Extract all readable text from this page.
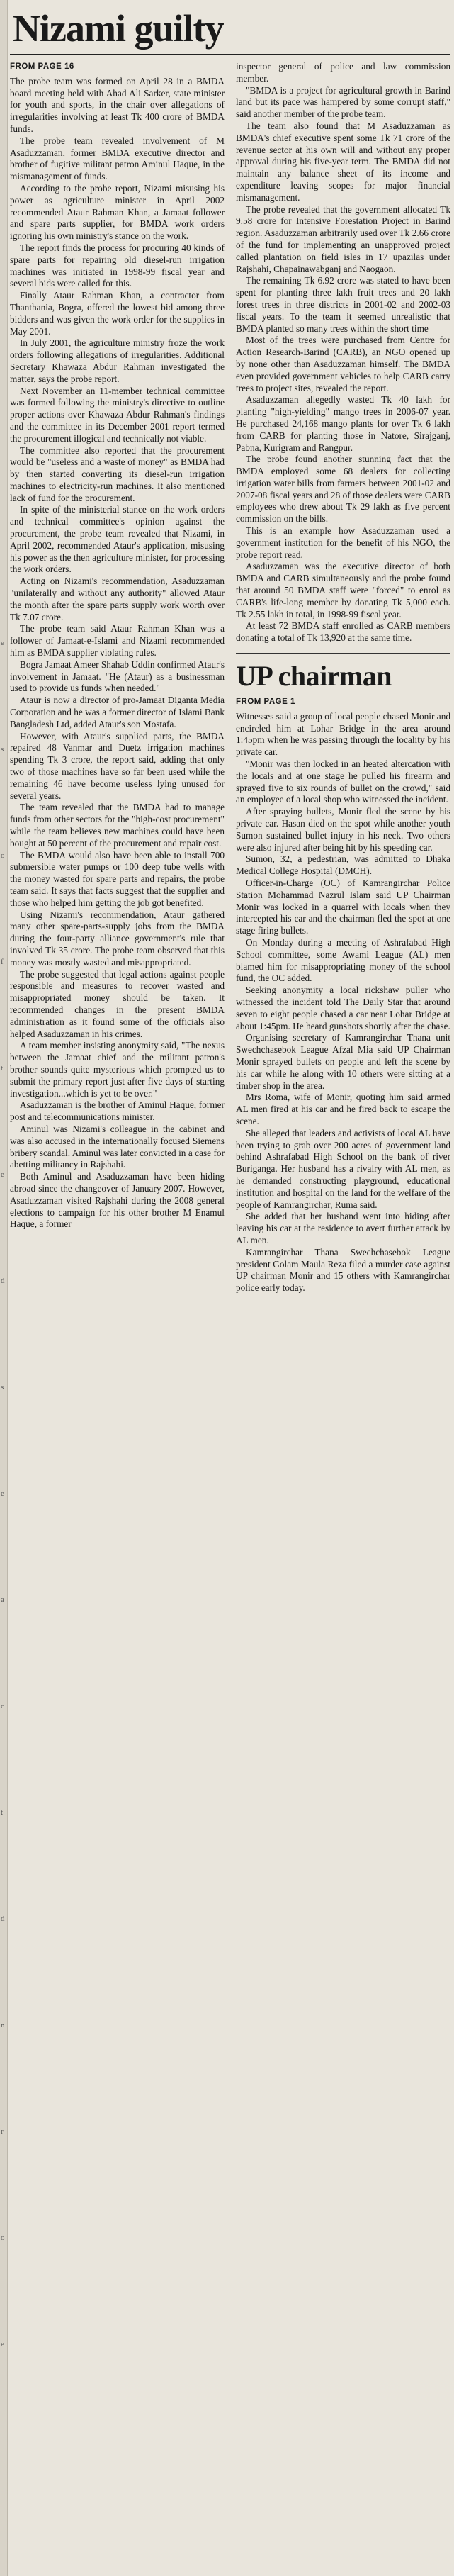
e
s
o
f
t
e
d
s
e
a
c
t
d
n
r
o
e
Nizami guilty
FROM PAGE 16

The probe team was formed on April 28 in a BMDA board meeting held with Ahad Ali Sarker, state minister for youth and sports, in the chair over allegations of irregularities involving at least Tk 400 crore of BMDA funds.

The probe team revealed involvement of M Asaduzzaman, former BMDA executive director and brother of fugitive militant patron Aminul Haque, in the mismanagement of funds.

According to the probe report, Nizami misusing his power as agriculture minister in April 2002 recommended Ataur Rahman Khan, a Jamaat follower and spare parts supplier, for BMDA work orders ignoring his own ministry's stance on the work.

The report finds the process for procuring 40 kinds of spare parts for repairing old diesel-run irrigation machines was initiated in 1998-99 fiscal year and several bids were called for this.

Finally Ataur Rahman Khan, a contractor from Thanthania, Bogra, offered the lowest bid among three bidders and was given the work order for the supplies in May 2001.

In July 2001, the agriculture ministry froze the work orders following allegations of irregularities. Additional Secretary Khawaza Abdur Rahman investigated the matter, says the probe report.

Next November an 11-member technical committee was formed following the ministry's directive to outline proper actions over Khawaza Abdur Rahman's findings and the committee in its December 2001 report termed the procurement illogical and technically not viable.

The committee also reported that the procurement would be "useless and a waste of money" as BMDA had by then started converting its diesel-run irrigation machines to electricity-run machines. It also mentioned lack of fund for the procurement.

In spite of the ministerial stance on the work orders and technical committee's opinion against the procurement, the probe team revealed that Nizami, in April 2002, recommended Ataur's application, misusing his power as the then agriculture minister, for processing the work orders.

Acting on Nizami's recommendation, Asaduzzaman "unilaterally and without any authority" allowed Ataur the month after the spare parts supply work worth over Tk 7.07 crore.

The probe team said Ataur Rahman Khan was a follower of Jamaat-e-Islami and Nizami recommended him as BMDA supplier violating rules.

Bogra Jamaat Ameer Shahab Uddin confirmed Ataur's involvement in Jamaat. "He (Ataur) as a businessman used to provide us funds when needed."

Ataur is now a director of pro-Jamaat Diganta Media Corporation and he was a former director of Islami Bank Bangladesh Ltd, added Ataur's son Mostafa.

However, with Ataur's supplied parts, the BMDA repaired 48 Vanmar and Duetz irrigation machines spending Tk 3 crore, the report said, adding that only two of those machines have so far been used while the remaining 46 have become useless lying unused for several years.

The team revealed that the BMDA had to manage funds from other sectors for the "high-cost procurement" while the team believes new machines could have been bought at 50 percent of the procurement and repair cost.

The BMDA would also have been able to install 700 submersible water pumps or 100 deep tube wells with the money wasted for spare parts and repairs, the probe team said. It says that facts suggest that the supplier and those who helped him getting the job got benefited.

Using Nizami's recommendation, Ataur gathered many other spare-parts-supply jobs from the BMDA during the four-party alliance government's rule that involved Tk 35 crore. The probe team observed that this money was mostly wasted and misappropriated.

The probe suggested that legal actions against people responsible and measures to recover wasted and misappropriated money should be taken. It recommended changes in the present BMDA administration as it found some of the officials also helped Asaduzzaman in his crimes.

A team member insisting anonymity said, "The nexus between the Jamaat chief and the militant patron's brother sounds quite mysterious which prompted us to submit the primary report just after five days of starting investigation...which is yet to be over."

Asaduzzaman is the brother of Aminul Haque, former post and telecommunications minister.

Aminul was Nizami's colleague in the cabinet and was also accused in the internationally focused Siemens bribery scandal. Aminul was later convicted in a case for abetting militancy in Rajshahi.

Both Aminul and Asaduzzaman have been hiding abroad since the changeover of January 2007. However, Asaduzzaman visited Rajshahi during the 2008 general elections to campaign for his other brother M Enamul Haque, a former

inspector general of police and law commission member.

"BMDA is a project for agricultural growth in Barind land but its pace was hampered by some corrupt staff," said another member of the probe team.

The team also found that M Asaduzzaman as BMDA's chief executive spent some Tk 71 crore of the revenue sector at his own will and without any proper approval during his five-year term. The BMDA did not maintain any balance sheet of its income and expenditure leaving scopes for major financial mismanagement.

The probe revealed that the government allocated Tk 9.58 crore for Intensive Forestation Project in Barind region. Asaduzzaman arbitrarily used over Tk 2.66 crore of the fund for implementing an unapproved project called plantation on field isles in 17 upazilas under Rajshahi, Chapainawabganj and Naogaon.

The remaining Tk 6.92 crore was stated to have been spent for planting three lakh fruit trees and 20 lakh forest trees in three districts in 2001-02 and 2002-03 fiscal years. To the team it seemed unrealistic that BMDA planted so many trees within the short time

Most of the trees were purchased from Centre for Action Research-Barind (CARB), an NGO opened up by none other than Asaduzzaman himself. The BMDA even provided government vehicles to help CARB carry trees to project sites, revealed the report.

Asaduzzaman allegedly wasted Tk 40 lakh for planting "high-yielding" mango trees in 2006-07 year. He purchased 24,168 mango plants for over Tk 6 lakh from CARB for planting those in Natore, Sirajganj, Pabna, Kurigram and Rangpur.

The probe found another stunning fact that the BMDA employed some 68 dealers for collecting irrigation water bills from farmers between 2001-02 and 2007-08 fiscal years and 28 of those dealers were CARB employees who drew about Tk 29 lakh as five percent commission on the bills.

This is an example how Asaduzzaman used a government institution for the benefit of his NGO, the probe report read.

Asaduzzaman was the executive director of both BMDA and CARB simultaneously and the probe found that around 50 BMDA staff were "forced" to enrol as CARB's life-long member by donating Tk 5,000 each. Tk 2.55 lakh in total, in 1998-99 fiscal year.

At least 72 BMDA staff enrolled as CARB members donating a total of Tk 13,920 at the same time.

UP chairman
FROM PAGE 1

Witnesses said a group of local people chased Monir and encircled him at Lohar Bridge in the area around 1:45pm when he was passing through the locality by his private car.

"Monir was then locked in an heated altercation with the locals and at one stage he pulled his firearm and sprayed five to six rounds of bullet on the crowd," said an employee of a local shop who witnessed the incident.

After spraying bullets, Monir fled the scene by his private car. Hasan died on the spot while another youth Sumon sustained bullet injury in his neck. Two others were also injured after being hit by his speeding car.

Sumon, 32, a pedestrian, was admitted to Dhaka Medical College Hospital (DMCH).

Officer-in-Charge (OC) of Kamrangirchar Police Station Mohammad Nazrul Islam said UP Chairman Monir was locked in a quarrel with locals when they intercepted his car and the chairman fled the spot at one stage firing bullets.

On Monday during a meeting of Ashrafabad High School committee, some Awami League (AL) men blamed him for misappropriating money of the school fund, the OC added.

Seeking anonymity a local rickshaw puller who witnessed the incident told The Daily Star that around seven to eight people chased a car near Lohar Bridge at about 1:45pm. He heard gunshots shortly after the chase.

Organising secretary of Kamrangirchar Thana unit Swechchasebok League Afzal Mia said UP Chairman Monir sprayed bullets on people and left the scene by his car while he along with 10 others were sitting at a timber shop in the area.

Mrs Roma, wife of Monir, quoting him said armed AL men fired at his car and he fired back to escape the scene.

She alleged that leaders and activists of local AL have been trying to grab over 200 acres of government land behind Ashrafabad High School on the bank of river Buriganga. Her husband has a rivalry with AL men, as he demanded constructing playground, educational institution and hospital on the land for the welfare of the people of Kamrangirchar, Ruma said.

She added that her husband went into hiding after leaving his car at the residence to avert further attack by AL men.

Kamrangirchar Thana Swechchasebok League president Golam Maula Reza filed a murder case against UP chairman Monir and 15 others with Kamrangirchar police early today.
